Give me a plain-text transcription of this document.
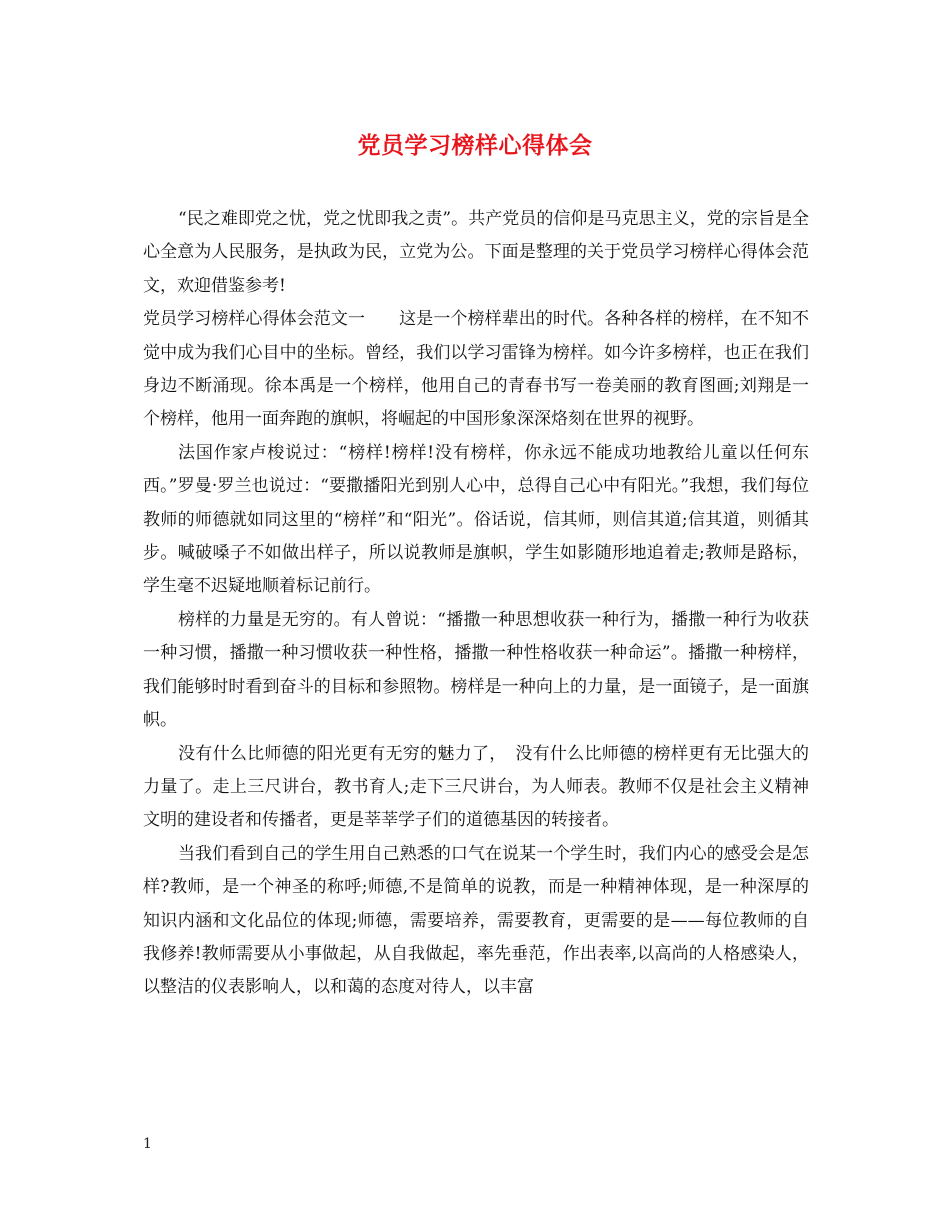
党员学习榜样心得体会

“民之难即党之忧，党之忧即我之责”。共产党员的信仰是马克思主义，党的宗旨是全心全意为人民服务，是执政为民，立党为公。下面是整理的关于党员学习榜样心得体会范文，欢迎借鉴参考!

党员学习榜样心得体会范文一　　这是一个榜样辈出的时代。各种各样的榜样，在不知不觉中成为我们心目中的坐标。曾经，我们以学习雷锋为榜样。如今许多榜样，也正在我们身边不断涌现。徐本禹是一个榜样，他用自己的青春书写一卷美丽的教育图画;刘翔是一个榜样，他用一面奔跑的旗帜，将崛起的中国形象深深烙刻在世界的视野。

法国作家卢梭说过：“榜样!榜样!没有榜样，你永远不能成功地教给儿童以任何东西。”罗曼·罗兰也说过：“要撒播阳光到别人心中，总得自己心中有阳光。”我想，我们每位教师的师德就如同这里的“榜样”和“阳光”。俗话说，信其师，则信其道;信其道，则循其步。喊破嗓子不如做出样子，所以说教师是旗帜，学生如影随形地追着走;教师是路标，学生毫不迟疑地顺着标记前行。

榜样的力量是无穷的。有人曾说：“播撒一种思想收获一种行为，播撒一种行为收获一种习惯，播撒一种习惯收获一种性格，播撒一种性格收获一种命运”。播撒一种榜样，我们能够时时看到奋斗的目标和参照物。榜样是一种向上的力量，是一面镜子，是一面旗帜。

没有什么比师德的阳光更有无穷的魅力了，　没有什么比师德的榜样更有无比强大的力量了。走上三尺讲台，教书育人;走下三尺讲台，为人师表。教师不仅是社会主义精神文明的建设者和传播者，更是莘莘学子们的道德基因的转接者。

当我们看到自己的学生用自己熟悉的口气在说某一个学生时，我们内心的感受会是怎样?教师，是一个神圣的称呼;师德,不是简单的说教，而是一种精神体现，是一种深厚的知识内涵和文化品位的体现;师德，需要培养，需要教育，更需要的是——每位教师的自我修养!教师需要从小事做起，从自我做起，率先垂范，作出表率,以高尚的人格感染人，以整洁的仪表影响人，以和蔼的态度对待人，以丰富

1
